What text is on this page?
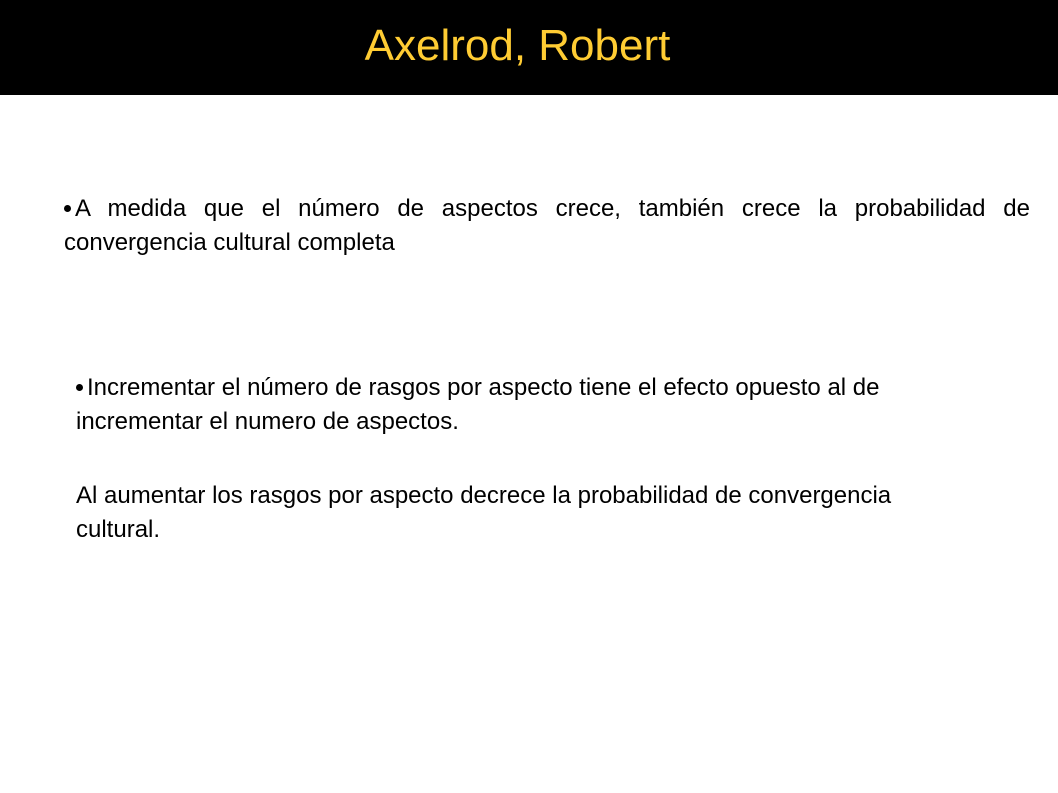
Axelrod, Robert
A medida que el número de aspectos crece, también crece la probabilidad de convergencia cultural completa
Incrementar el número de rasgos por aspecto tiene el efecto opuesto al de incrementar el numero de aspectos.
Al aumentar los rasgos por aspecto decrece la probabilidad de convergencia cultural.
